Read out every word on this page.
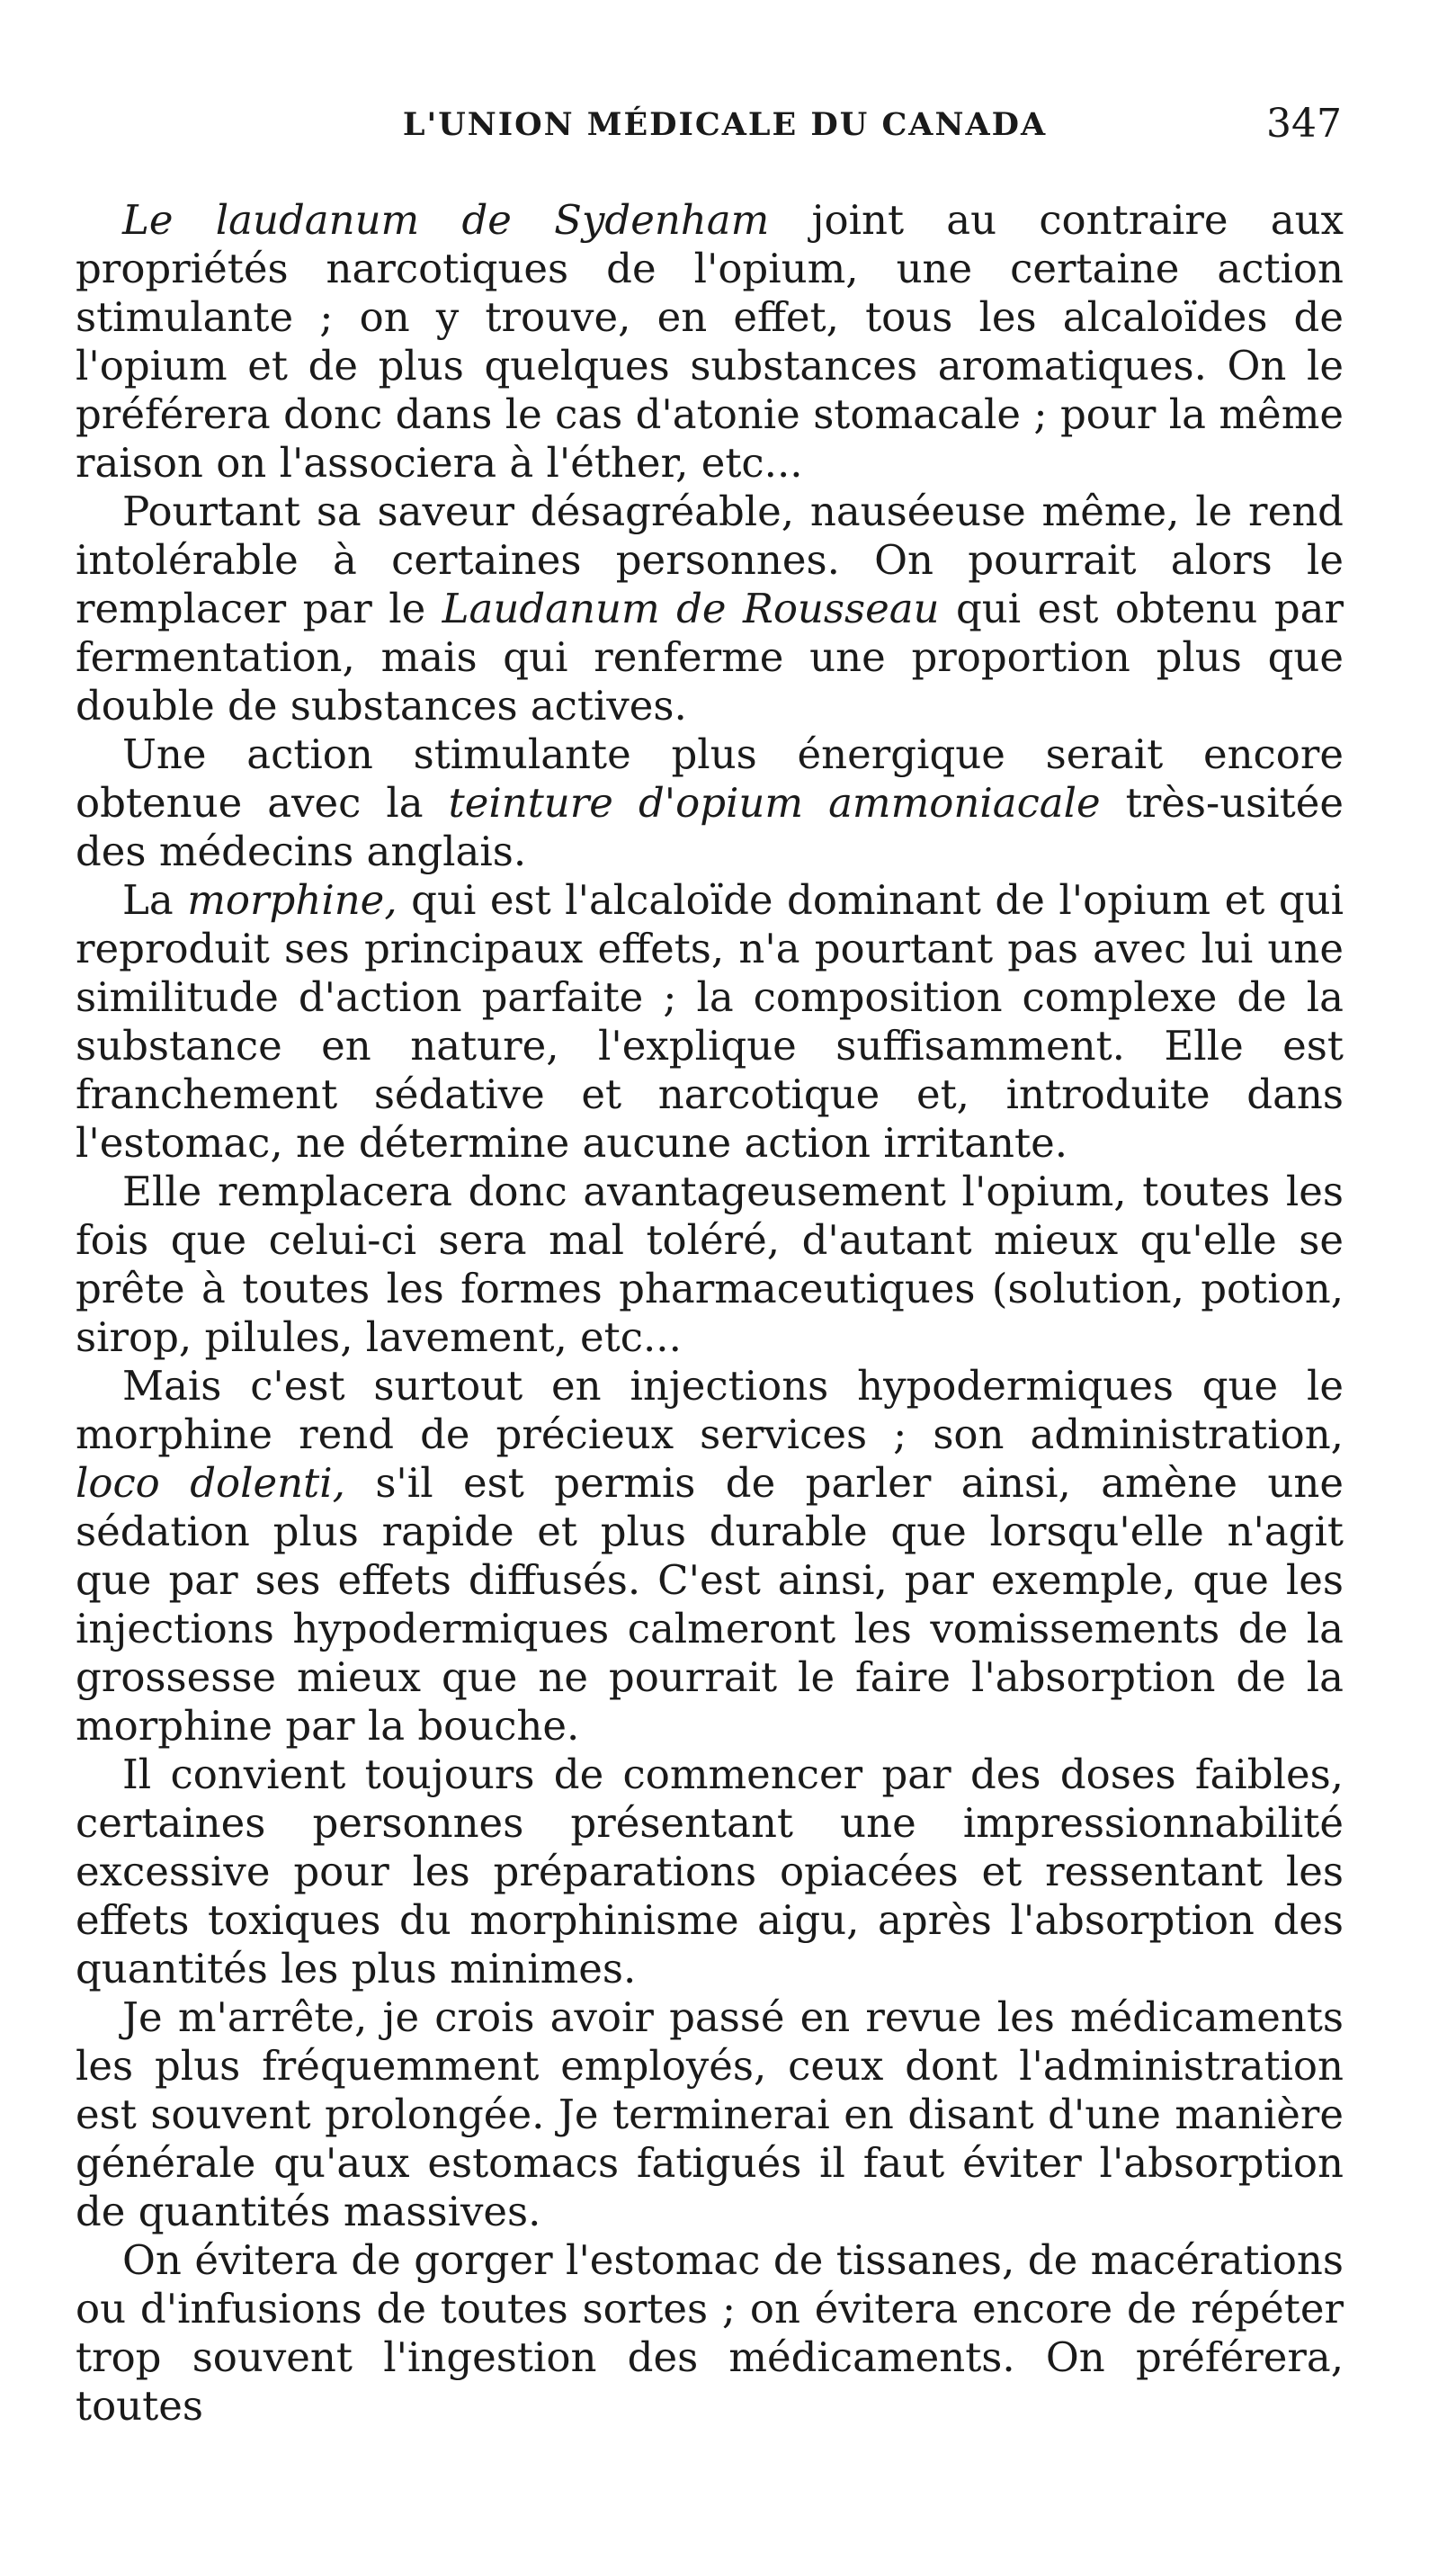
L'UNION MÉDICALE DU CANADA	347

Le laudanum de Sydenham joint au contraire aux propriétés narcotiques de l'opium, une certaine action stimulante ; on y trouve, en effet, tous les alcaloïdes de l'opium et de plus quelques substances aromatiques. On le préférera donc dans le cas d'atonie stomacale ; pour la même raison on l'associera à l'éther, etc...

Pourtant sa saveur désagréable, nauséeuse même, le rend intolérable à certaines personnes. On pourrait alors le remplacer par le Laudanum de Rousseau qui est obtenu par fermentation, mais qui renferme une proportion plus que double de substances actives.

Une action stimulante plus énergique serait encore obtenue avec la teinture d'opium ammoniacale très-usitée des médecins anglais.

La morphine, qui est l'alcaloïde dominant de l'opium et qui reproduit ses principaux effets, n'a pourtant pas avec lui une similitude d'action parfaite ; la composition complexe de la substance en nature, l'explique suffisamment. Elle est franchement sédative et narcotique et, introduite dans l'estomac, ne détermine aucune action irritante.

Elle remplacera donc avantageusement l'opium, toutes les fois que celui-ci sera mal toléré, d'autant mieux qu'elle se prête à toutes les formes pharmaceutiques (solution, potion, sirop, pilules, lavement, etc...

Mais c'est surtout en injections hypodermiques que le morphine rend de précieux services ; son administration, loco dolenti, s'il est permis de parler ainsi, amène une sédation plus rapide et plus durable que lorsqu'elle n'agit que par ses effets diffusés. C'est ainsi, par exemple, que les injections hypodermiques calmeront les vomissements de la grossesse mieux que ne pourrait le faire l'absorption de la morphine par la bouche.

Il convient toujours de commencer par des doses faibles, certaines personnes présentant une impressionnabilité excessive pour les préparations opiacées et ressentant les effets toxiques du morphinisme aigu, après l'absorption des quantités les plus minimes.

Je m'arrête, je crois avoir passé en revue les médicaments les plus fréquemment employés, ceux dont l'administration est souvent prolongée. Je terminerai en disant d'une manière générale qu'aux estomacs fatigués il faut éviter l'absorption de quantités massives.

On évitera de gorger l'estomac de tissanes, de macérations ou d'infusions de toutes sortes ; on évitera encore de répéter trop souvent l'ingestion des médicaments. On préférera, toutes
